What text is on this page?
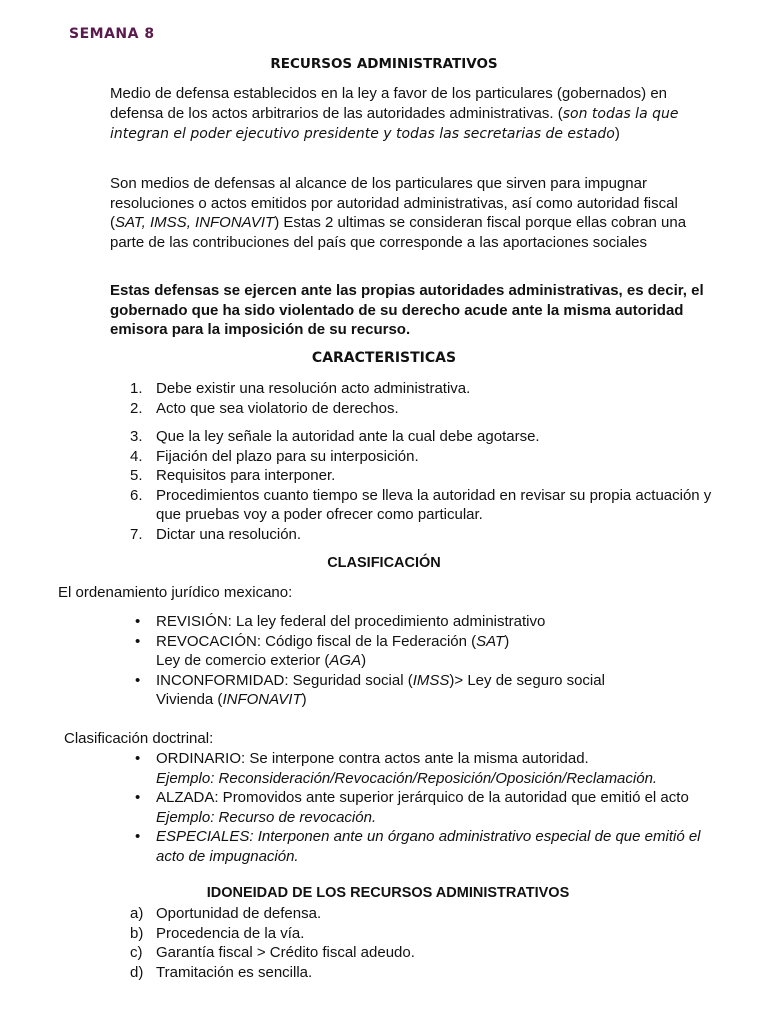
SEMANA 8
RECURSOS ADMINISTRATIVOS
Medio de defensa establecidos en la ley a favor de los particulares (gobernados) en defensa de los actos arbitrarios de las autoridades administrativas. (son todas la que integran el poder ejecutivo presidente y todas las secretarias de estado)
Son medios de defensas al alcance de los particulares que sirven para impugnar resoluciones o actos emitidos por autoridad administrativas, así como autoridad fiscal (SAT, IMSS, INFONAVIT) Estas 2 ultimas se consideran fiscal porque ellas cobran una parte de las contribuciones del país que corresponde a las aportaciones sociales
Estas defensas se ejercen ante las propias autoridades administrativas, es decir, el gobernado que ha sido violentado de su derecho acude ante la misma autoridad emisora para la imposición de su recurso.
CARACTERISTICAS
1. Debe existir una resolución acto administrativa.
2. Acto que sea violatorio de derechos.
3. Que la ley señale la autoridad ante la cual debe agotarse.
4. Fijación del plazo para su interposición.
5. Requisitos para interponer.
6. Procedimientos cuanto tiempo se lleva la autoridad en revisar su propia actuación y que pruebas voy a poder ofrecer como particular.
7. Dictar una resolución.
CLASIFICACIÓN
El ordenamiento jurídico mexicano:
• REVISIÓN: La ley federal del procedimiento administrativo
• REVOCACIÓN: Código fiscal de la Federación (SAT)
Ley de comercio exterior (AGA)
• INCONFORMIDAD: Seguridad social (IMSS)> Ley de seguro social
Vivienda (INFONAVIT)
Clasificación doctrinal:
• ORDINARIO: Se interpone contra actos ante la misma autoridad.
Ejemplo: Reconsideración/Revocación/Reposición/Oposición/Reclamación.
• ALZADA: Promovidos ante superior jerárquico de la autoridad que emitió el acto
Ejemplo: Recurso de revocación.
• ESPECIALES: Interponen ante un órgano administrativo especial de que emitió el acto de impugnación.
IDONEIDAD DE LOS RECURSOS ADMINISTRATIVOS
a) Oportunidad de defensa.
b) Procedencia de la vía.
c) Garantía fiscal > Crédito fiscal adeudo.
d) Tramitación es sencilla.
